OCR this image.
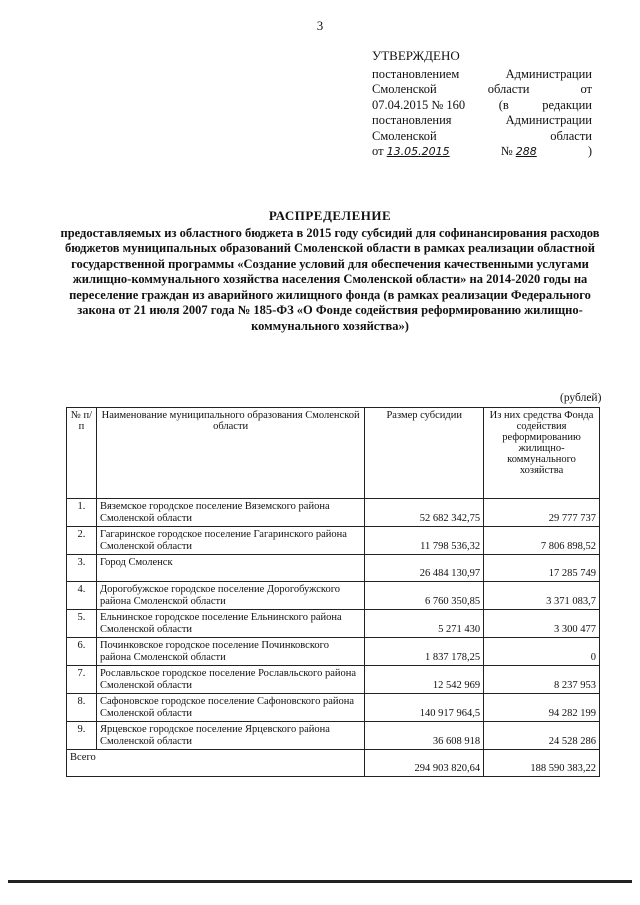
3
УТВЕРЖДЕНО
постановлением	Администрации
Смоленской	области	от
07.04.2015 № 160	(в	редакции
постановления	Администрации
Смоленской	области
от 13.05.2015	№ 288	)
РАСПРЕДЕЛЕНИЕ
предоставляемых из областного бюджета в 2015 году субсидий для софинансирования расходов бюджетов муниципальных образований Смоленской области в рамках реализации областной государственной программы «Создание условий для обеспечения качественными услугами жилищно-коммунального хозяйства населения Смоленской области» на 2014-2020 годы на переселение граждан из аварийного жилищного фонда (в рамках реализации Федерального закона от 21 июля 2007 года № 185-ФЗ «О Фонде содействия реформированию жилищно-коммунального хозяйства»)
(рублей)
№ п/п	Наименование муниципального образования Смоленской области	Размер субсидии	Из них средства Фонда содействия реформированию жилищно-коммунального хозяйства
1.	Вяземское городское поселение Вяземского района Смоленской области	52 682 342,75	29 777 737
2.	Гагаринское городское поселение Гагаринского района Смоленской области	11 798 536,32	7 806 898,52
3.	Город Смоленск	26 484 130,97	17 285 749
4.	Дорогобужское городское поселение Дорогобужского района Смоленской области	6 760 350,85	3 371 083,7
5.	Ельнинское городское поселение Ельнинского района Смоленской области	5 271 430	3 300 477
6.	Починковское городское поселение Починковского района Смоленской области	1 837 178,25	0
7.	Рославльское городское поселение Рославльского района Смоленской области	12 542 969	8 237 953
8.	Сафоновское городское поселение Сафоновского района Смоленской области	140 917 964,5	94 282 199
9.	Ярцевское городское поселение Ярцевского района Смоленской области	36 608 918	24 528 286
Всего		294 903 820,64	188 590 383,22
